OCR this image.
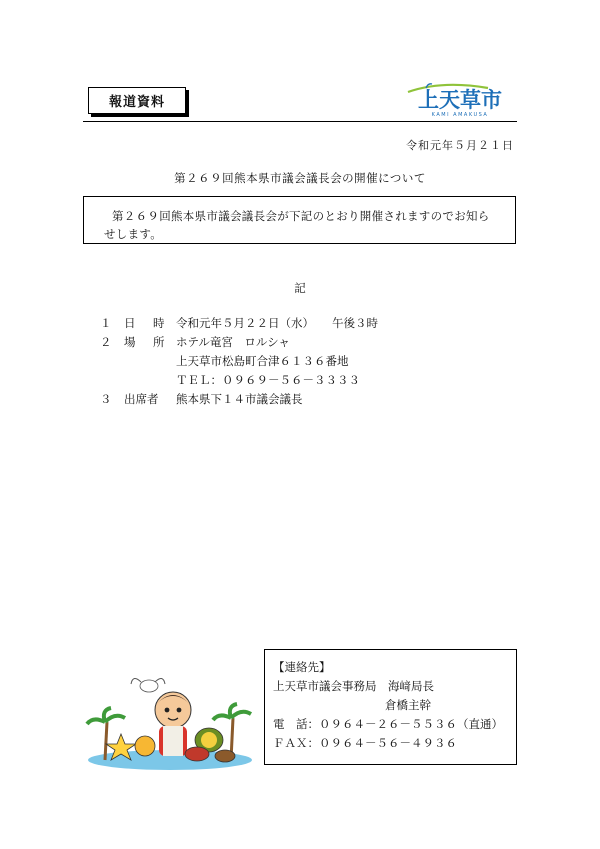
報道資料	上天草市
KAMI AMAKUSA
令和元年５月２１日
第２６９回熊本県市議会議長会の開催について
第２６９回熊本県市議会議長会が下記のとおり開催されますのでお知らせします。
記
１	日　時 令和元年５月２２日（水） 午後３時
２	場　所 ホテル竜宮　ロルシャ
上天草市松島町合津６１３６番地
ＴＥＬ：０９６９－５６－３３３３
３	出席者	熊本県下１４市議会議長
【連絡先】
上天草市議会事務局　 海﨑局長
倉橋主幹
電　話：０９６４－２６－５５３６（直通）
ＦＡＸ：０９６４－５６－４９３６
